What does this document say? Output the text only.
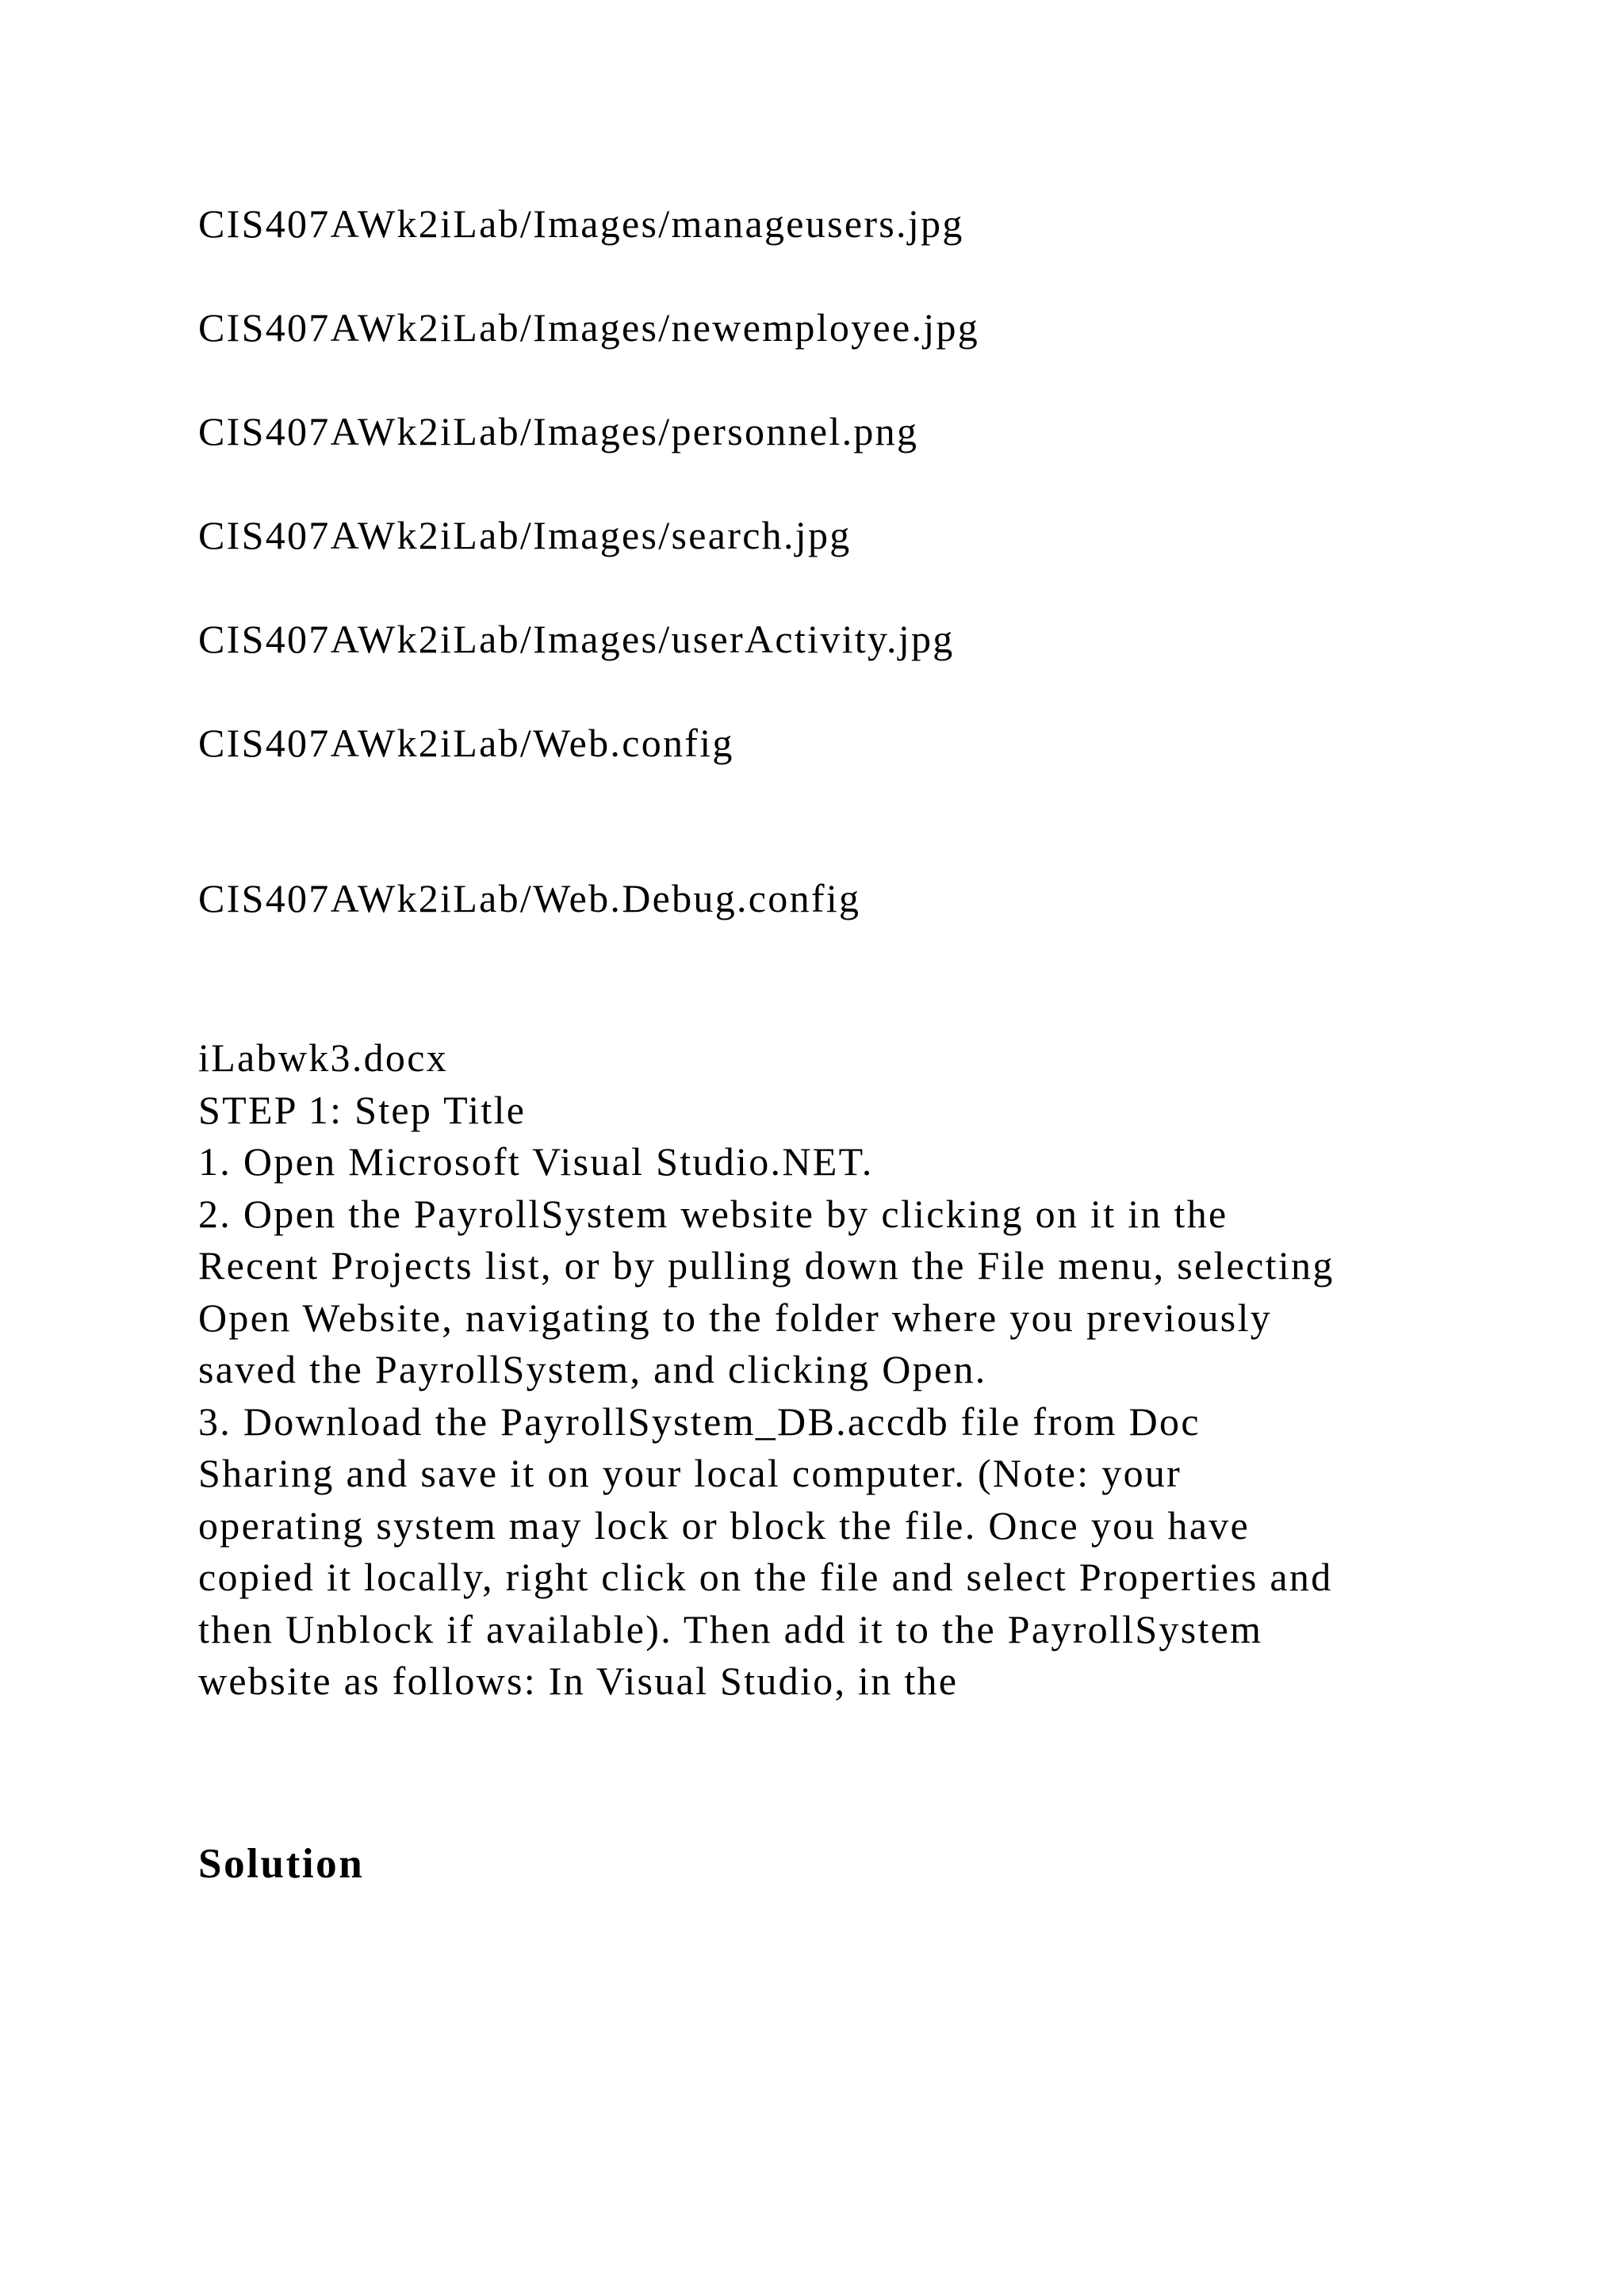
CIS407AWk2iLab/Images/manageusers.jpg
CIS407AWk2iLab/Images/newemployee.jpg
CIS407AWk2iLab/Images/personnel.png
CIS407AWk2iLab/Images/search.jpg
CIS407AWk2iLab/Images/userActivity.jpg
CIS407AWk2iLab/Web.config
CIS407AWk2iLab/Web.Debug.config
iLabwk3.docx
STEP 1: Step Title
1. Open Microsoft Visual Studio.NET.
2. Open the PayrollSystem website by clicking on it in the
Recent Projects list, or by pulling down the File menu, selecting
Open Website, navigating to the folder where you previously
saved the PayrollSystem, and clicking Open.
3. Download the PayrollSystem_DB.accdb file from Doc
Sharing and save it on your local computer. (Note: your
operating system may lock or block the file. Once you have
copied it locally, right click on the file and select Properties and
then Unblock if available). Then add it to the PayrollSystem
website as follows: In Visual Studio, in the
Solution
